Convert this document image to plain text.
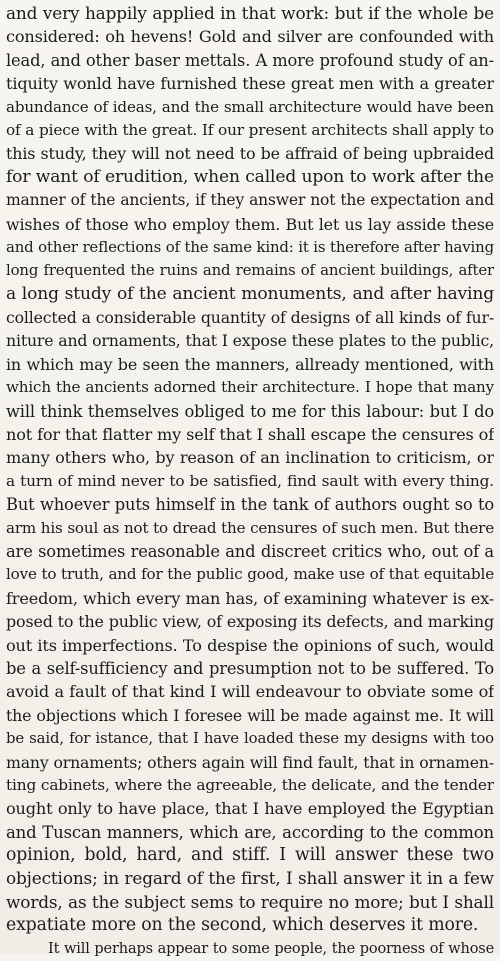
and very happily applied in that work: but if the whole be
considered: oh hevens! Gold and silver are confounded with
lead, and other baser mettals. A more profound study of an-
tiquity wonld have furnished these great men with a greater
abundance of ideas, and the small architecture would have been
of a piece with the great. If our present architects shall apply to
this study, they will not need to be affraid of being upbraided
for want of erudition, when called upon to work after the
manner of the ancients, if they answer not the expectation and
wishes of those who employ them. But let us lay asside these
and other reflections of the same kind: it is therefore after having
long frequented the ruins and remains of ancient buildings, after
a long study of the ancient monuments, and after having
collected a considerable quantity of designs of all kinds of fur-
niture and ornaments, that I expose these plates to the public,
in which may be seen the manners, allready mentioned, with
which the ancients adorned their architecture. I hope that many
will think themselves obliged to me for this labour: but I do
not for that flatter my self that I shall escape the censures of
many others who, by reason of an inclination to criticism, or
a turn of mind never to be satisfied, find sault with every thing.
But whoever puts himself in the tank of authors ought so to
arm his soul as not to dread the censures of such men. But there
are sometimes reasonable and discreet critics who, out of a
love to truth, and for the public good, make use of that equitable
freedom, which every man has, of examining whatever is ex-
posed to the public view, of exposing its defects, and marking
out its imperfections. To despise the opinions of such, would
be a self-sufficiency and presumption not to be suffered. To
avoid a fault of that kind I will endeavour to obviate some of
the objections which I foresee will be made against me. It will
be said, for istance, that I have loaded these my designs with too
many ornaments; others again will find fault, that in ornamen-
ting cabinets, where the agreeable, the delicate, and the tender
ought only to have place, that I have employed the Egyptian
and Tuscan manners, which are, according to the common
opinion, bold, hard, and stiff. I will answer these two
objections; in regard of the first, I shall answer it in a few
words, as the subject sems to require no more; but I shall
expatiate more on the second, which deserves it more.
It will perhaps appear to some people, the poorness of whose
